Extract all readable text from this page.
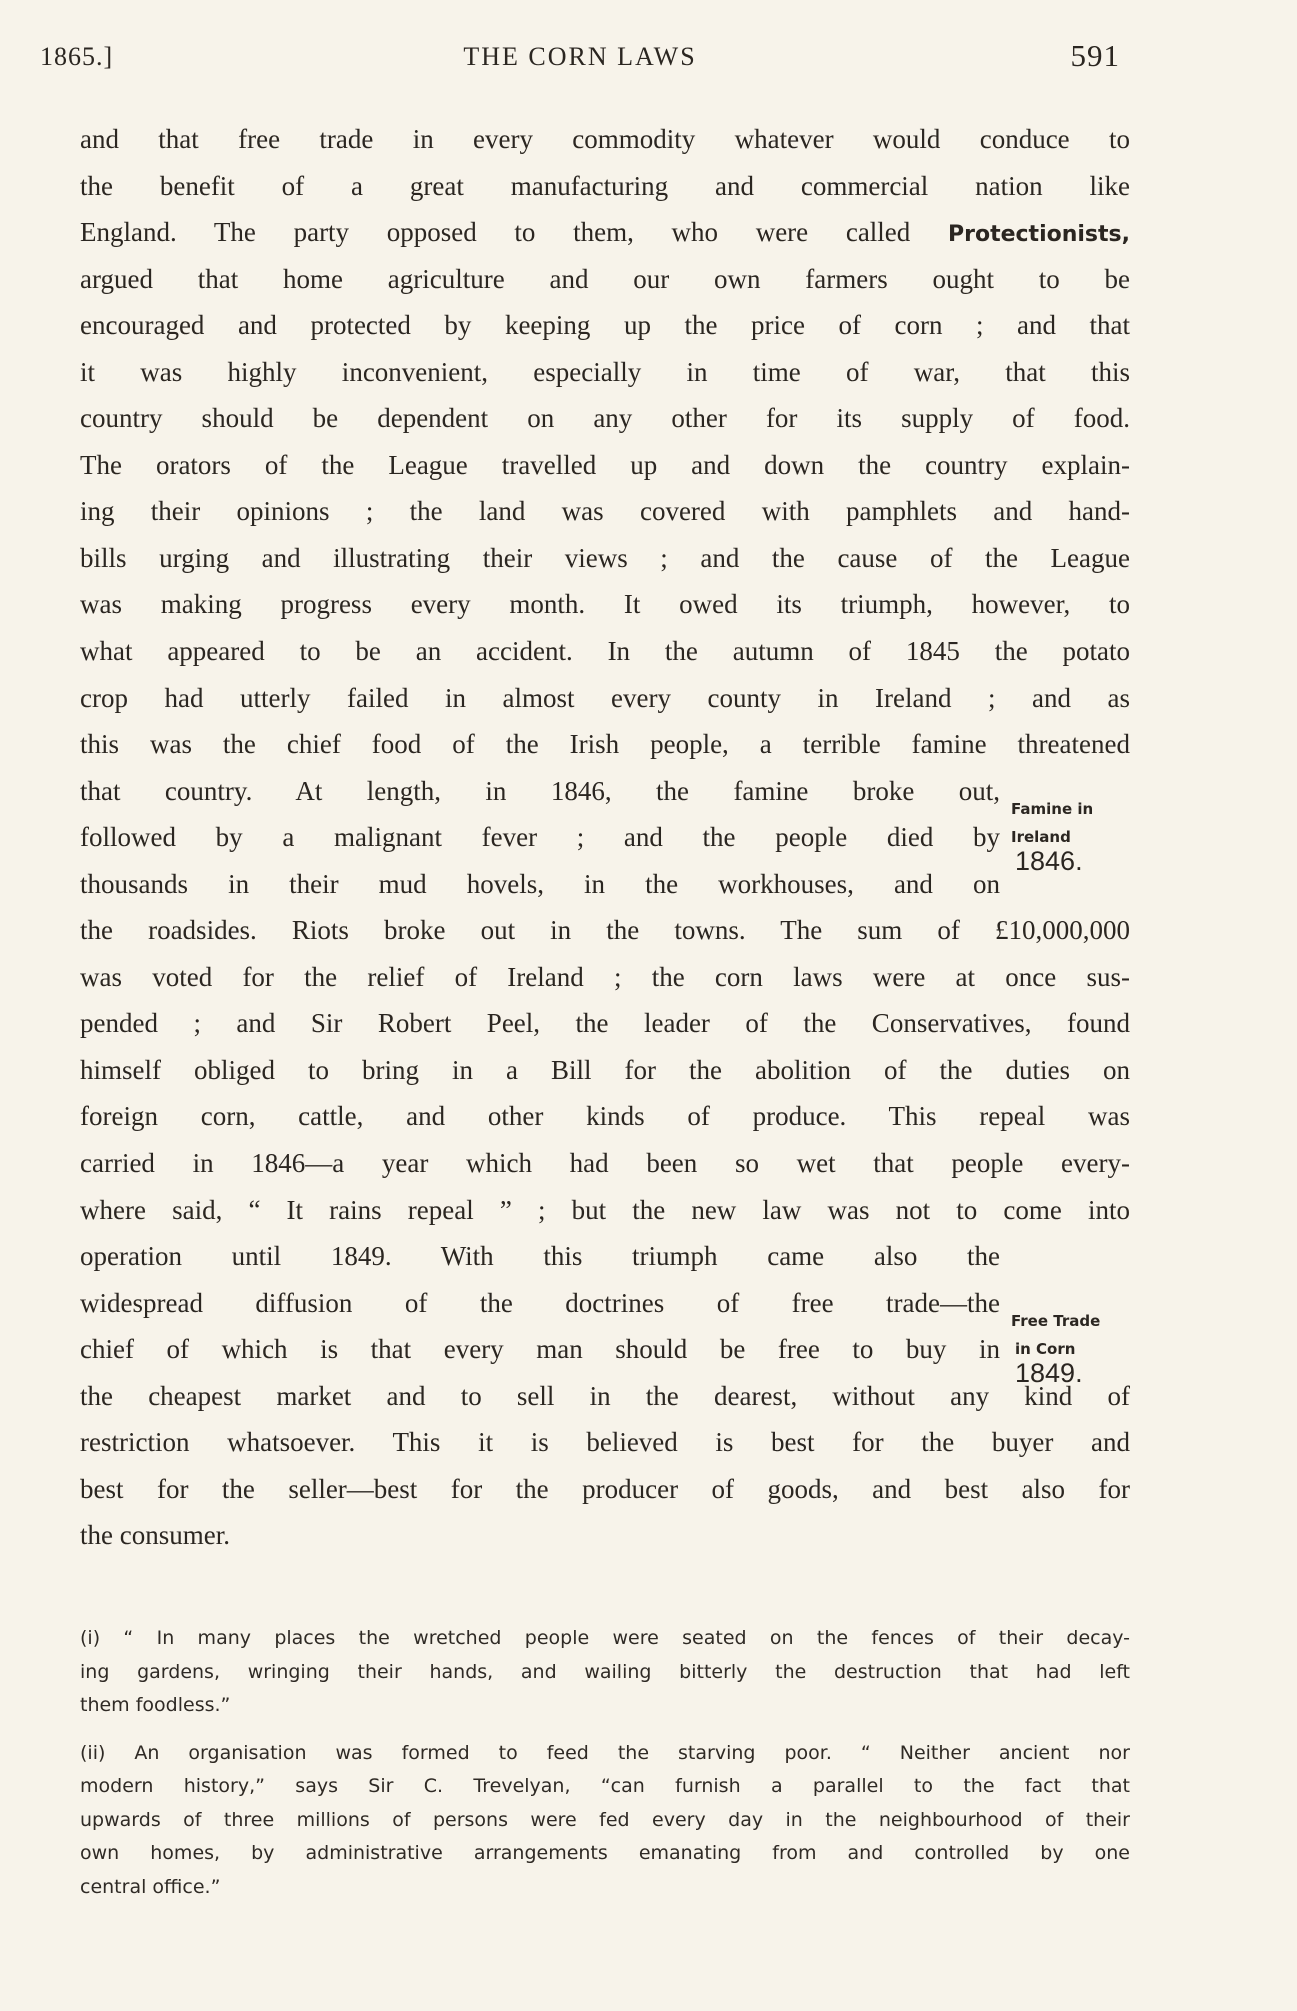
1865.]	THE CORN LAWS	591
and that free trade in every commodity whatever would conduce to
the benefit of a great manufacturing and commercial nation like
England. The party opposed to them, who were called Protectionists,
argued that home agriculture and our own farmers ought to be
encouraged and protected by keeping up the price of corn ; and that
it was highly inconvenient, especially in time of war, that this
country should be dependent on any other for its supply of food.
The orators of the League travelled up and down the country explain-
ing their opinions ; the land was covered with pamphlets and hand-
bills urging and illustrating their views ; and the cause of the League
was making progress every month. It owed its triumph, however, to
what appeared to be an accident. In the autumn of 1845 the potato
crop had utterly failed in almost every county in Ireland ; and as
this was the chief food of the Irish people, a terrible famine threatened
that country. At length, in 1846, the famine broke out,
followed by a malignant fever ; and the people died by
thousands in their mud hovels, in the workhouses, and on
the roadsides. Riots broke out in the towns. The sum of £10,000,000
was voted for the relief of Ireland ; the corn laws were at once sus-
pended ; and Sir Robert Peel, the leader of the Conservatives, found
himself obliged to bring in a Bill for the abolition of the duties on
foreign corn, cattle, and other kinds of produce. This repeal was
carried in 1846—a year which had been so wet that people every-
where said, “ It rains repeal ” ; but the new law was not to come into
operation until 1849. With this triumph came also the
widespread diffusion of the doctrines of free trade—the
chief of which is that every man should be free to buy in
the cheapest market and to sell in the dearest, without any kind of
restriction whatsoever. This it is believed is best for the buyer and
best for the seller—best for the producer of goods, and best also for
the consumer.
Famine in
Ireland
1846.
Free Trade
in Corn
1849.
(i) “ In many places the wretched people were seated on the fences of their decay-
ing gardens, wringing their hands, and wailing bitterly the destruction that had left
them foodless.”
(ii) An organisation was formed to feed the starving poor. “ Neither ancient nor
modern history,” says Sir C. Trevelyan, “can furnish a parallel to the fact that
upwards of three millions of persons were fed every day in the neighbourhood of their
own homes, by administrative arrangements emanating from and controlled by one
central office.”
